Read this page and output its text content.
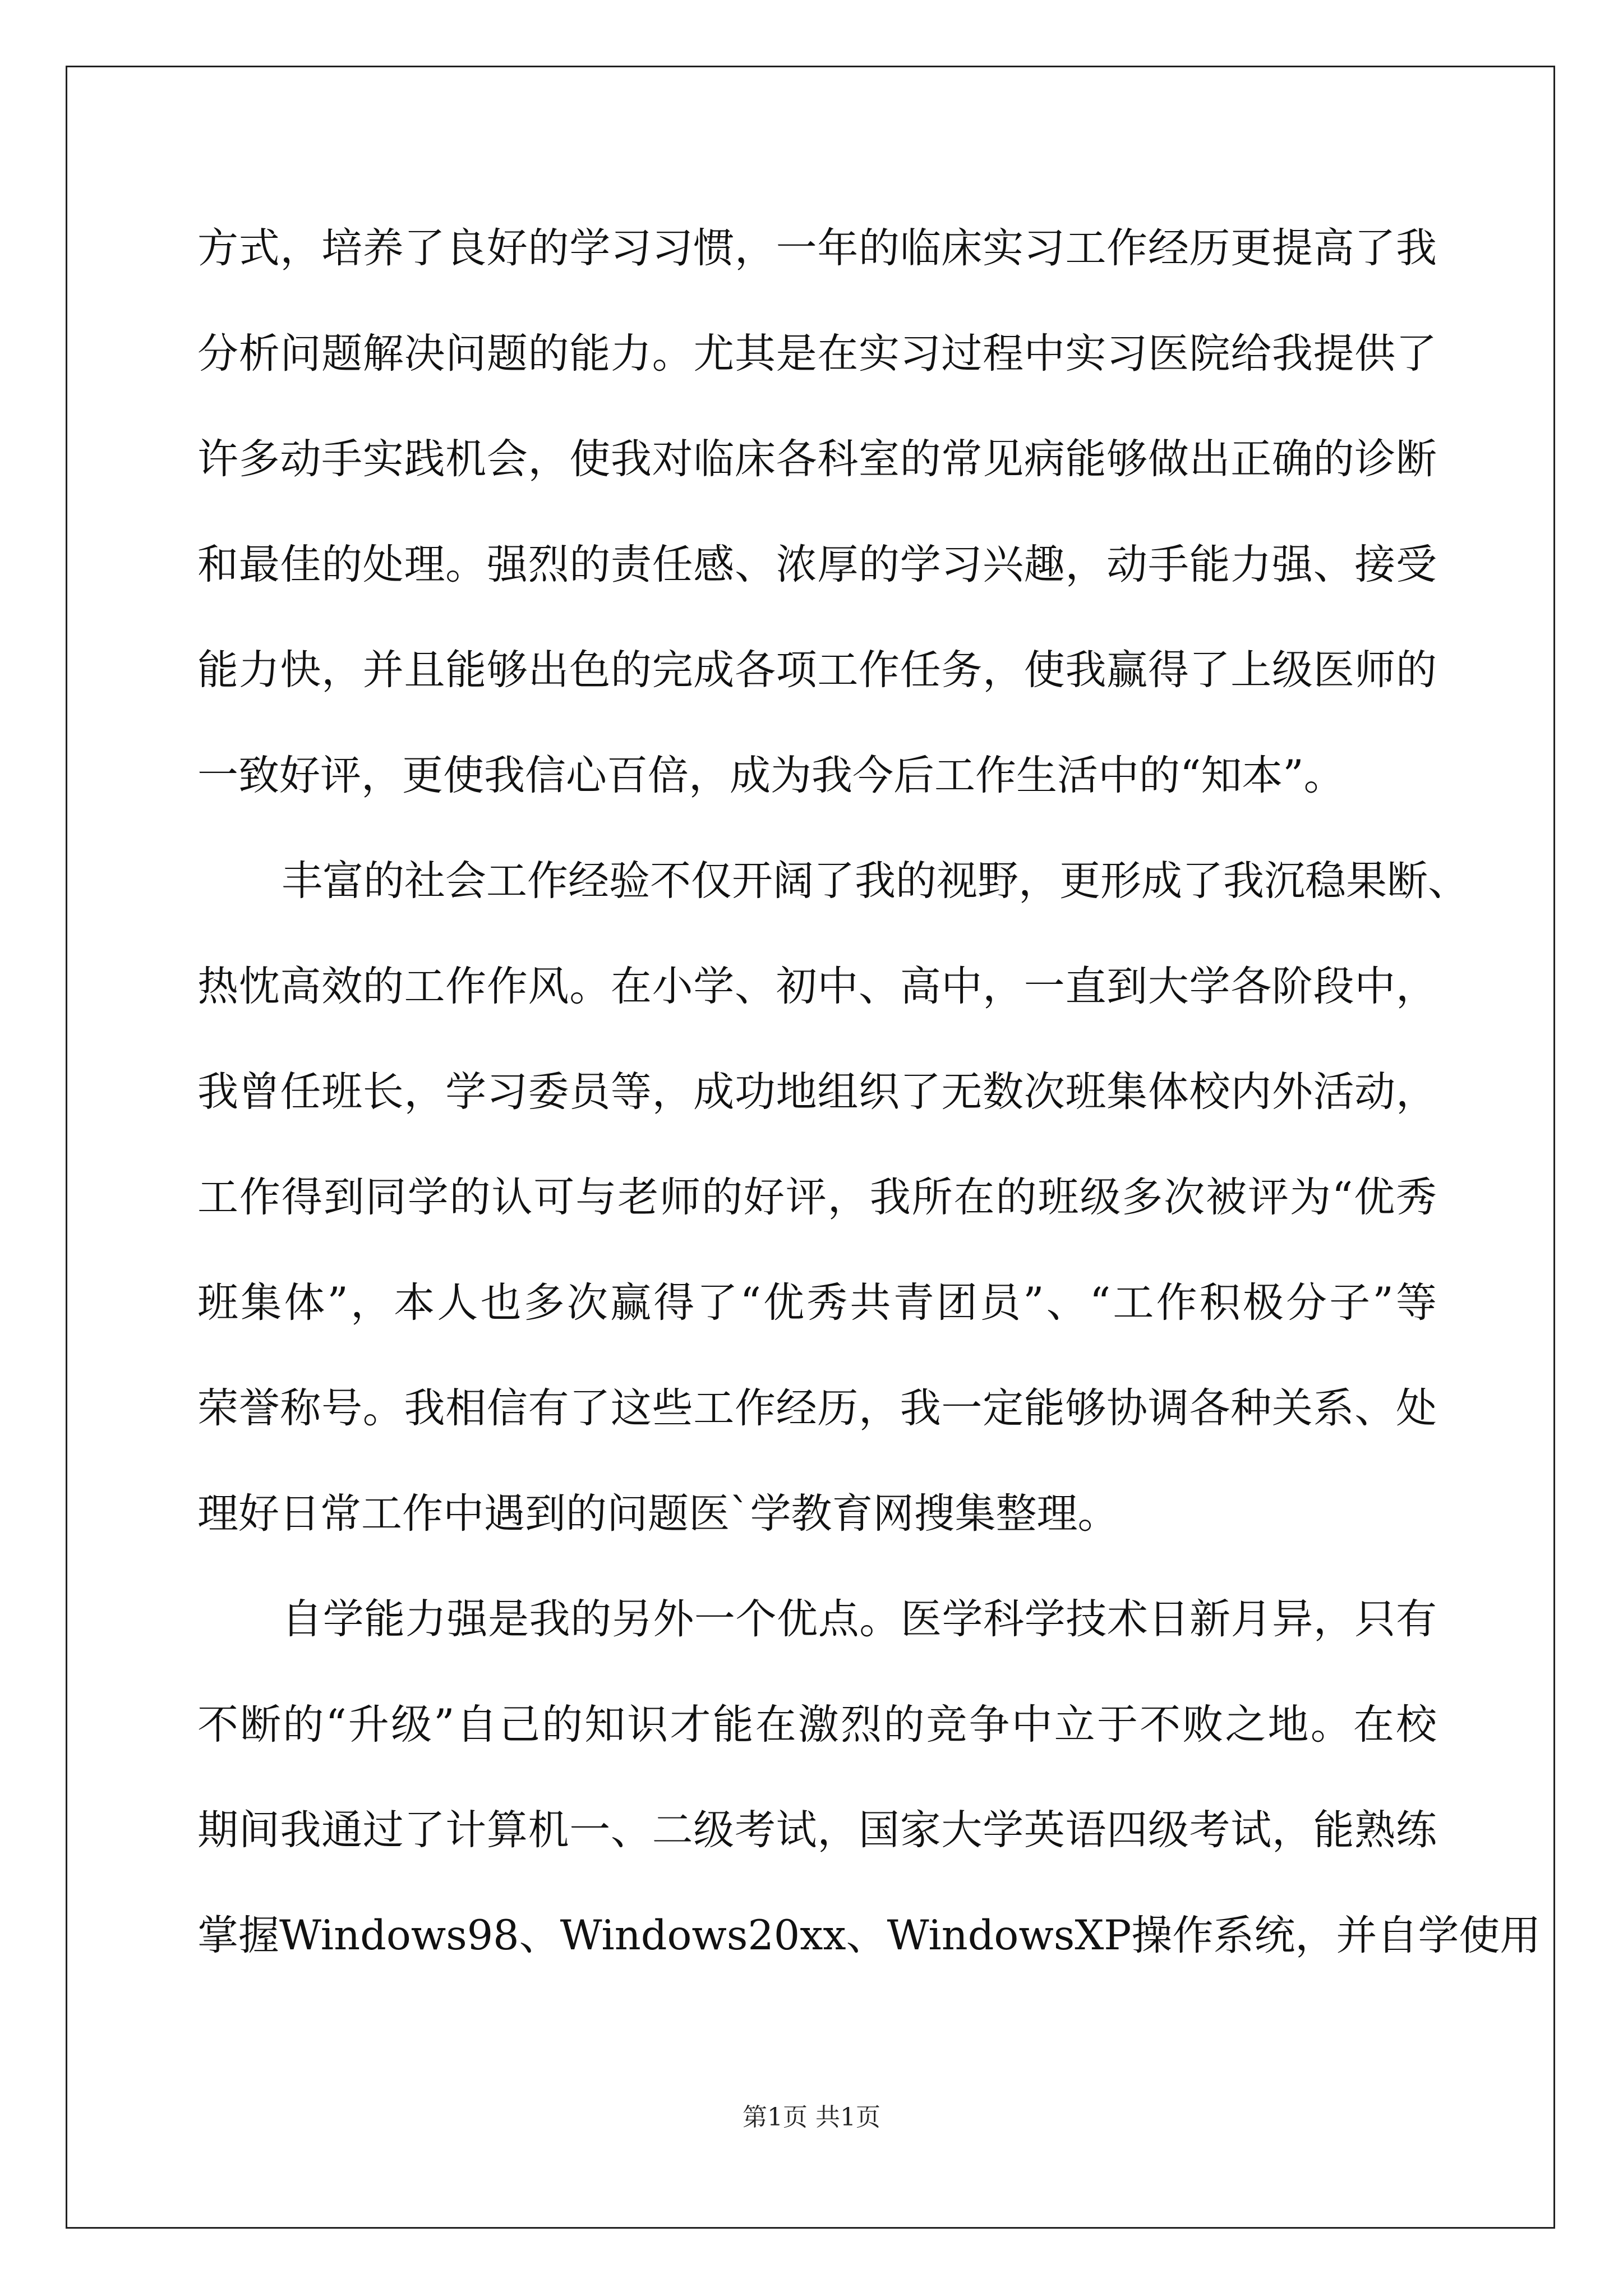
方式，培养了良好的学习习惯，一年的临床实习工作经历更提高了我
分析问题解决问题的能力。尤其是在实习过程中实习医院给我提供了
许多动手实践机会，使我对临床各科室的常见病能够做出正确的诊断
和最佳的处理。强烈的责任感、浓厚的学习兴趣，动手能力强、接受
能力快，并且能够出色的完成各项工作任务，使我赢得了上级医师的
一致好评，更使我信心百倍，成为我今后工作生活中的“知本”。
丰富的社会工作经验不仅开阔了我的视野，更形成了我沉稳果断、
热忱高效的工作作风。在小学、初中、高中，一直到大学各阶段中，
我曾任班长，学习委员等，成功地组织了无数次班集体校内外活动，
工作得到同学的认可与老师的好评，我所在的班级多次被评为“优秀
班集体”，本人也多次赢得了“优秀共青团员”、“工作积极分子”等
荣誉称号。我相信有了这些工作经历，我一定能够协调各种关系、处
理好日常工作中遇到的问题医`学教育网搜集整理。
自学能力强是我的另外一个优点。医学科学技术日新月异，只有
不断的“升级”自己的知识才能在激烈的竞争中立于不败之地。在校
期间我通过了计算机一、二级考试，国家大学英语四级考试，能熟练
掌握Windows98、Windows20xx、WindowsXP操作系统，并自学使用
第1页 共1页
